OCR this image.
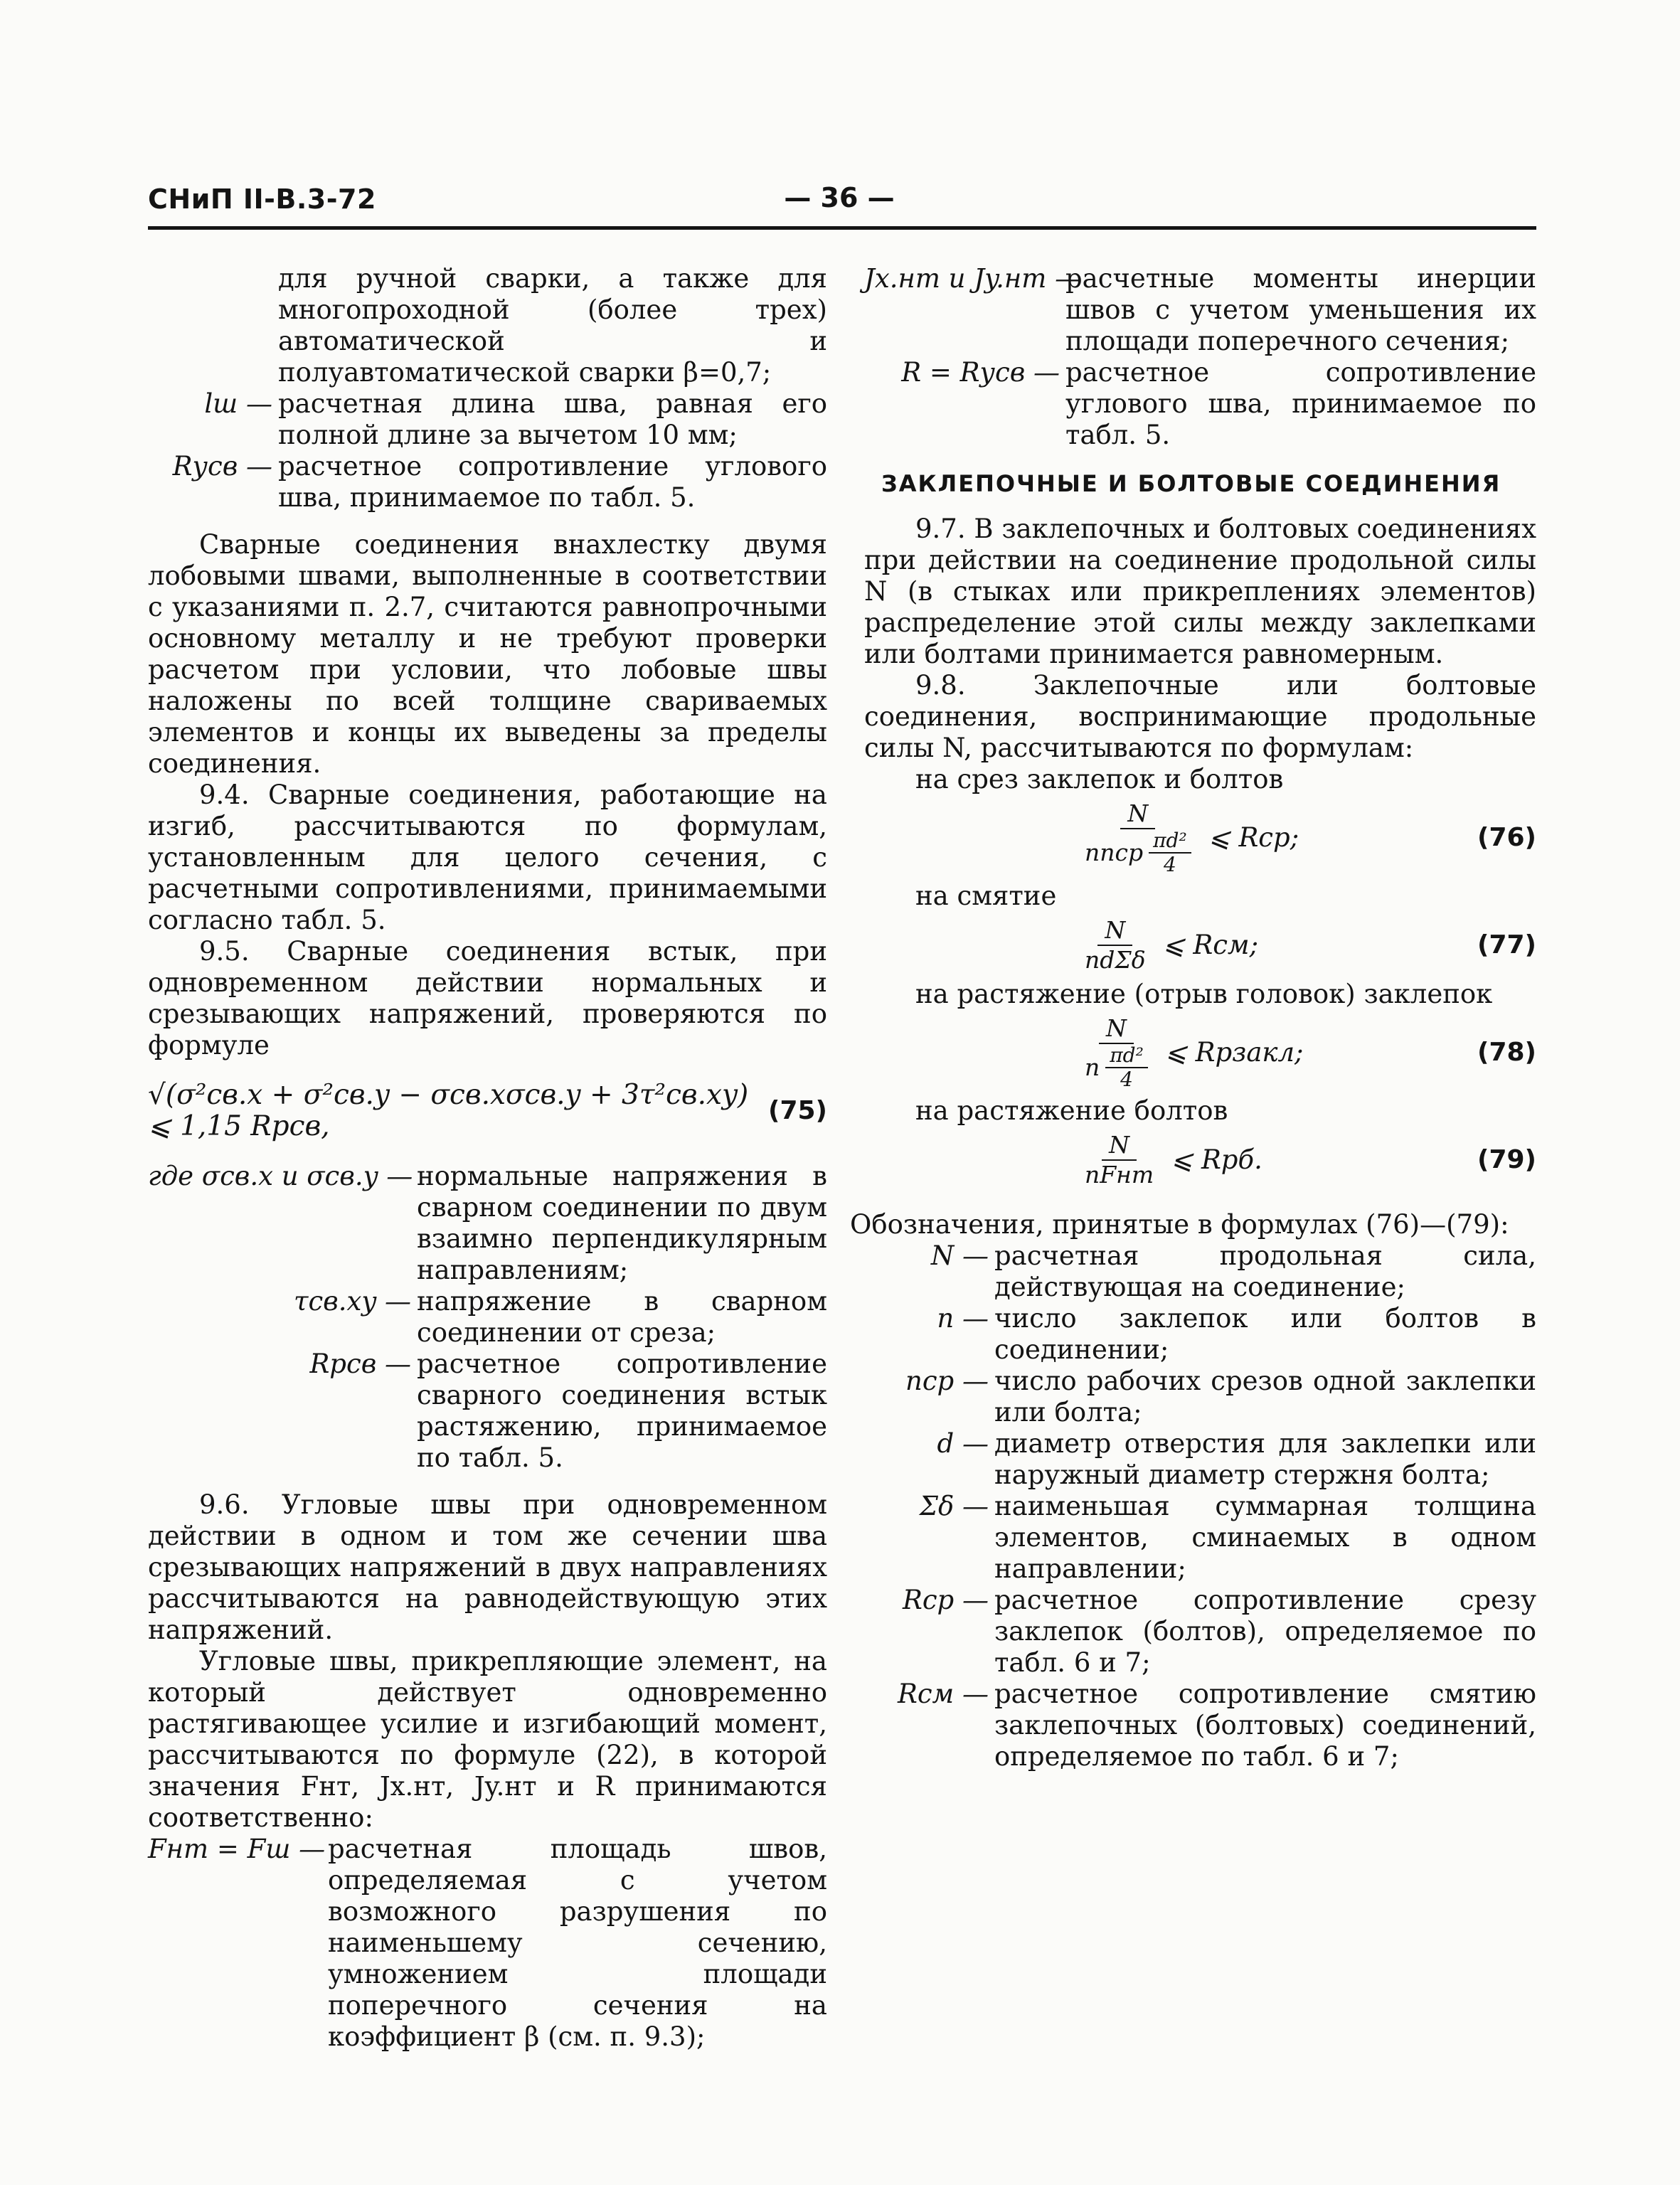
СНиП II-В.3-72	— 36 —

для ручной сварки, а также для многопроходной (более трех) автоматической и полуавтоматической сварки β=0,7;

lш — расчетная длина шва, равная его полной длине за вычетом 10 мм;
Rусв — расчетное сопротивление углового шва, принимаемое по табл. 5.

Сварные соединения внахлестку двумя лобовыми швами, выполненные в соответствии с указаниями п. 2.7, считаются равнопрочными основному металлу и не требуют проверки расчетом при условии, что лобовые швы наложены по всей толщине свариваемых элементов и концы их выведены за пределы соединения.

9.4. Сварные соединения, работающие на изгиб, рассчитываются по формулам, установленным для целого сечения, с расчетными сопротивлениями, принимаемыми согласно табл. 5.

9.5. Сварные соединения встык, при одновременном действии нормальных и срезывающих напряжений, проверяются по формуле

√(σ²св.x + σ²св.y − σсв.xσсв.y + 3τ²св.xy) ⩽ 1,15 Rрсв,	(75)
где σсв.x и σсв.y — нормальные напряжения в сварном соединении по двум взаимно перпендикулярным направлениям;
τсв.xy — напряжение в сварном соединении от среза;
Rрсв — расчетное сопротивление сварного соединения встык растяжению, принимаемое по табл. 5.

9.6. Угловые швы при одновременном действии в одном и том же сечении шва срезывающих напряжений в двух направлениях рассчитываются на равнодействующую этих напряжений.

Угловые швы, прикрепляющие элемент, на который действует одновременно растягивающее усилие и изгибающий момент, рассчитываются по формуле (22), в которой значения Fнт, Jx.нт, Jy.нт и R принимаются соответственно:

Fнт = Fш — расчетная площадь швов, определяемая с учетом возможного разрушения по наименьшему сечению, умножением площади поперечного сечения на коэффициент β (см. п. 9.3);
Jx.нт и Jy.нт —
расчетные моменты инерции швов с учетом уменьшения их площади поперечного сечения;
R = Rусв — расчетное сопротивление углового шва, принимаемое по табл. 5.
ЗАКЛЕПОЧНЫЕ И БОЛТОВЫЕ СОЕДИНЕНИЯ

9.7. В заклепочных и болтовых соединениях при действии на соединение продольной силы N (в стыках или прикреплениях элементов) распределение этой силы между заклепками или болтами принимается равномерным.

9.8. Заклепочные или болтовые соединения, воспринимающие продольные силы N, рассчитываются по формулам:

на срез заклепок и болтов

$\frac{N}{nnср \frac{\text{πd²}}{4}}$ ⩽ Rср;	(76)

на смятие

$\frac{N}{\text{ndΣδ}}$ ⩽ Rсм;	(77)

на растяжение (отрыв головок) заклепок

$\frac{N}{n \frac{\text{πd²}}{4}}$ ⩽ Rрзакл;	(78)

на растяжение болтов

$\frac{N}{\text{nFнт}}$ ⩽ Rрб.	(79)

Обозначения, принятые в формулах (76)—(79):

N — расчетная продольная сила, действующая на соединение;
n — число заклепок или болтов в соединении;
nср — число рабочих срезов одной заклепки или болта;
d — диаметр отверстия для заклепки или наружный диаметр стержня болта;
Σδ — наименьшая суммарная толщина элементов, сминаемых в одном направлении;
Rср — расчетное сопротивление срезу заклепок (болтов), определяемое по табл. 6 и 7;
Rсм — расчетное сопротивление смятию заклепочных (болтовых) соединений, определяемое по табл. 6 и 7;
